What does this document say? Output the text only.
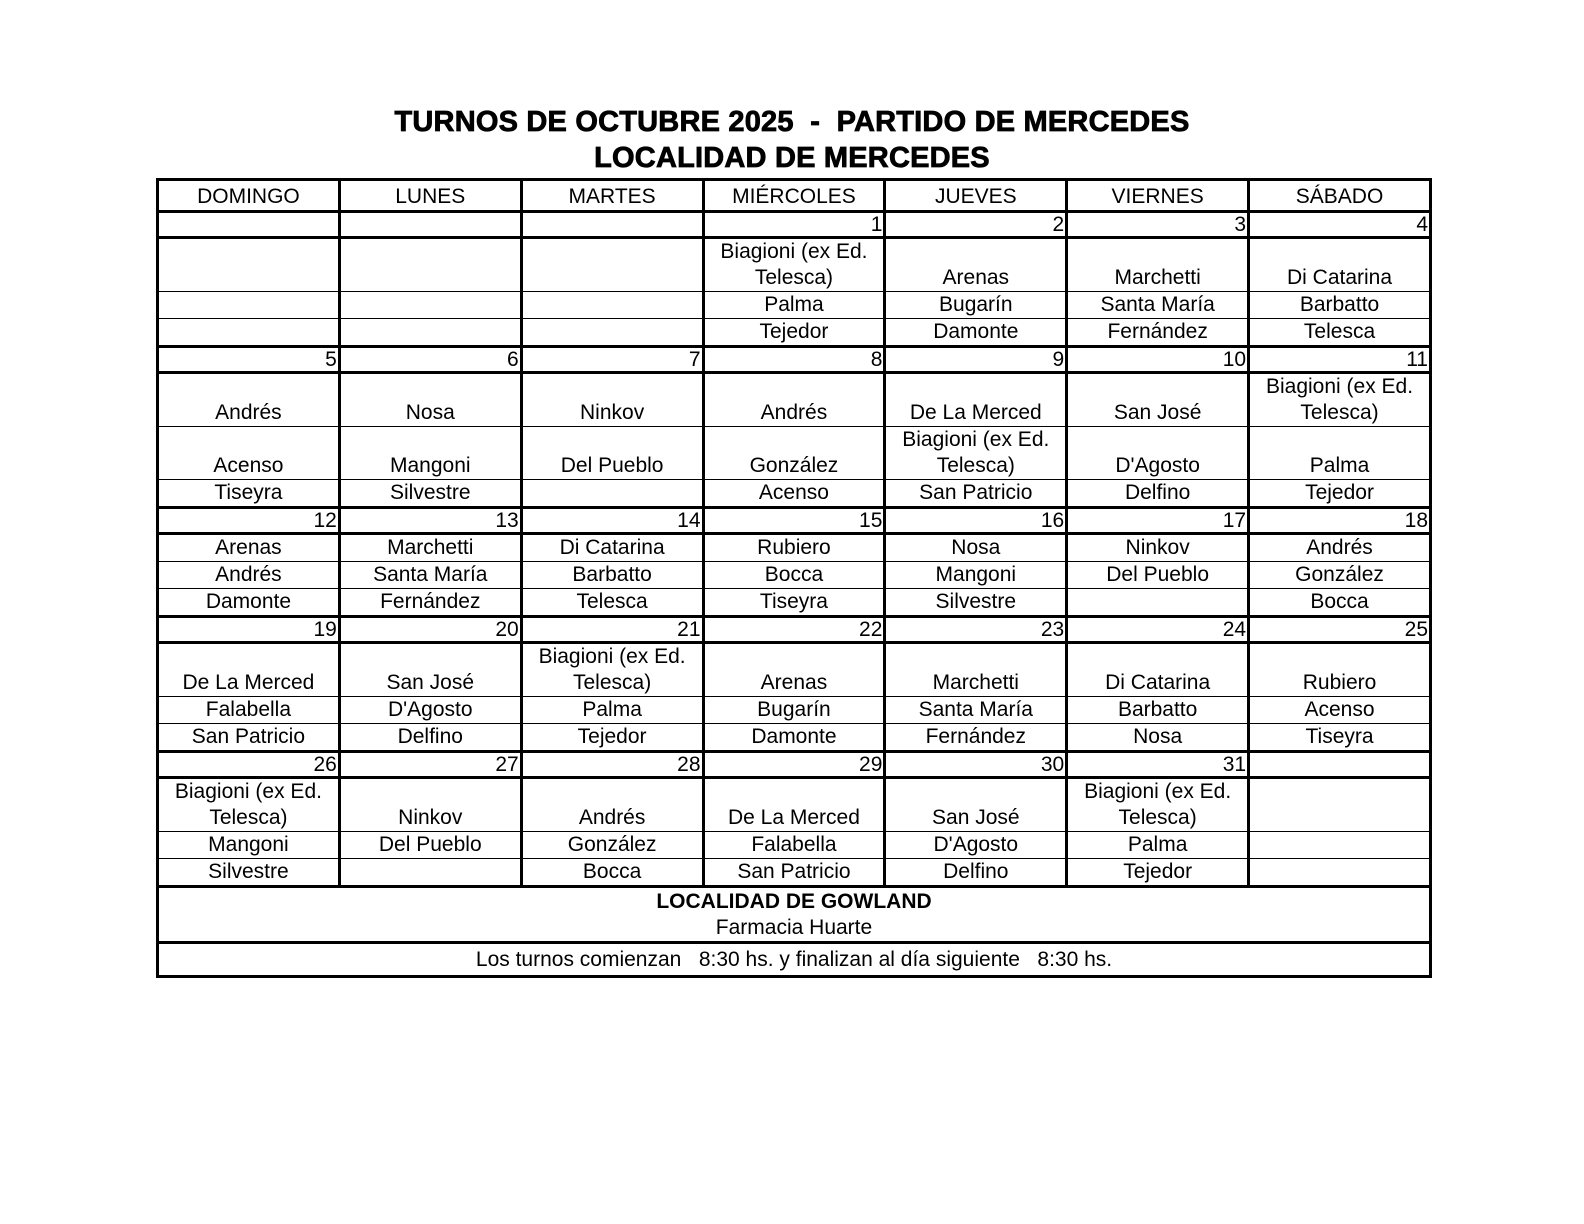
TURNOS DE OCTUBRE 2025  -  PARTIDO DE MERCEDES
LOCALIDAD DE MERCEDES
DOMINGO	LUNES	MARTES	MIÉRCOLES	JUEVES	VIERNES	SÁBADO
			1	2	3	4
			Biagioni (ex Ed. Telesca)	Arenas	Marchetti	Di Catarina
			Palma	Bugarín	Santa María	Barbatto
			Tejedor	Damonte	Fernández	Telesca
5	6	7	8	9	10	11
Andrés	Nosa	Ninkov	Andrés	De La Merced	San José	Biagioni (ex Ed. Telesca)
Acenso	Mangoni	Del Pueblo	González	Biagioni (ex Ed. Telesca)	D'Agosto	Palma
Tiseyra	Silvestre		Acenso	San Patricio	Delfino	Tejedor
12	13	14	15	16	17	18
Arenas	Marchetti	Di Catarina	Rubiero	Nosa	Ninkov	Andrés
Andrés	Santa María	Barbatto	Bocca	Mangoni	Del Pueblo	González
Damonte	Fernández	Telesca	Tiseyra	Silvestre		Bocca
19	20	21	22	23	24	25
De La Merced	San José	Biagioni (ex Ed. Telesca)	Arenas	Marchetti	Di Catarina	Rubiero
Falabella	D'Agosto	Palma	Bugarín	Santa María	Barbatto	Acenso
San Patricio	Delfino	Tejedor	Damonte	Fernández	Nosa	Tiseyra
26	27	28	29	30	31	
Biagioni (ex Ed. Telesca)	Ninkov	Andrés	De La Merced	San José	Biagioni (ex Ed. Telesca)	
Mangoni	Del Pueblo	González	Falabella	D'Agosto	Palma	
Silvestre		Bocca	San Patricio	Delfino	Tejedor	

LOCALIDAD DE GOWLAND
Farmacia Huarte						

Los turnos comienzan   8:30 hs. y finalizan al día siguiente   8:30 hs.						
